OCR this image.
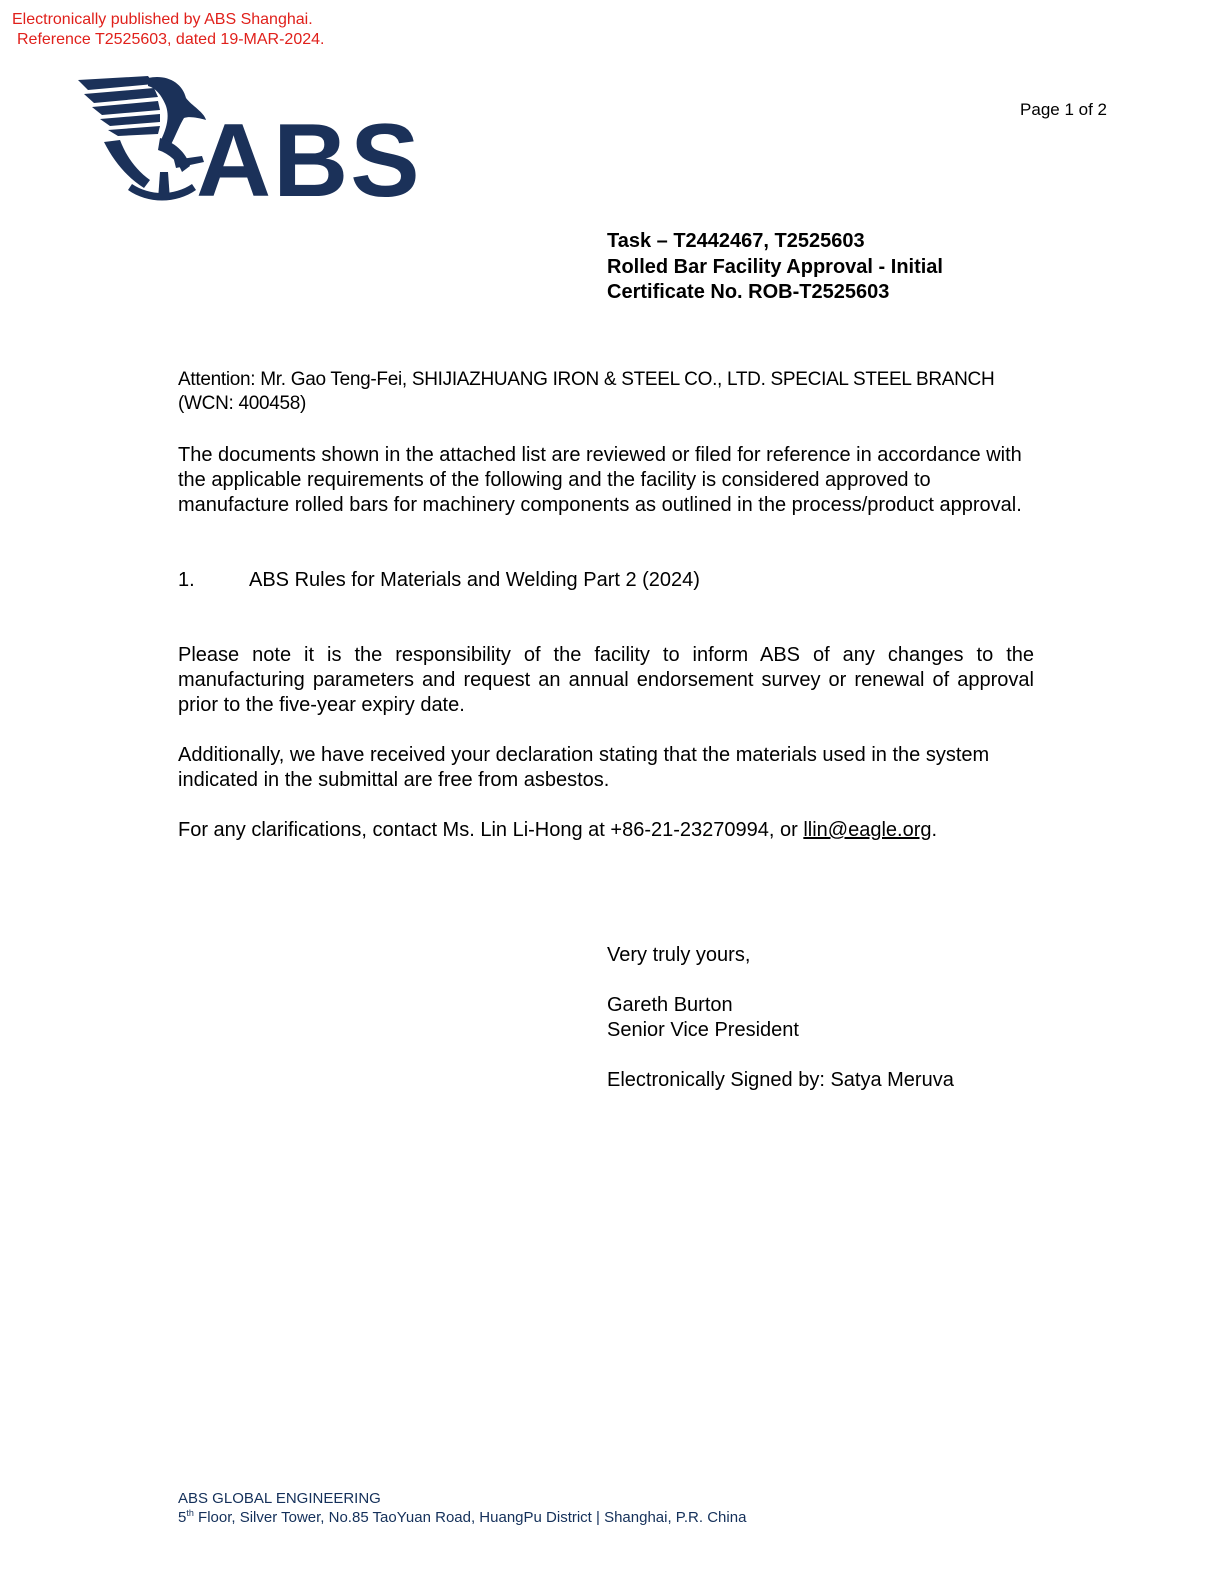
Electronically published by ABS Shanghai.
Reference T2525603, dated 19-MAR-2024.
ABS	Page 1 of 2
Task – T2442467, T2525603
Rolled Bar Facility Approval - Initial
Certificate No. ROB-T2525603
Attention: Mr. Gao Teng-Fei, SHIJIAZHUANG IRON & STEEL CO., LTD. SPECIAL STEEL BRANCH
(WCN: 400458)
The documents shown in the attached list are reviewed or filed for reference in accordance with the applicable requirements of the following and the facility is considered approved to manufacture rolled bars for machinery components as outlined in the process/product approval.
1.	ABS Rules for Materials and Welding Part 2 (2024)
Please note it is the responsibility of the facility to inform ABS of any changes to the manufacturing parameters and request an annual endorsement survey or renewal of approval prior to the five-year expiry date.
Additionally, we have received your declaration stating that the materials used in the system indicated in the submittal are free from asbestos.
For any clarifications, contact Ms. Lin Li-Hong at +86-21-23270994, or llin@eagle.org.
Very truly yours,
Gareth Burton
Senior Vice President
Electronically Signed by: Satya Meruva
ABS GLOBAL ENGINEERING
5th Floor, Silver Tower, No.85 TaoYuan Road, HuangPu District | Shanghai, P.R. China
